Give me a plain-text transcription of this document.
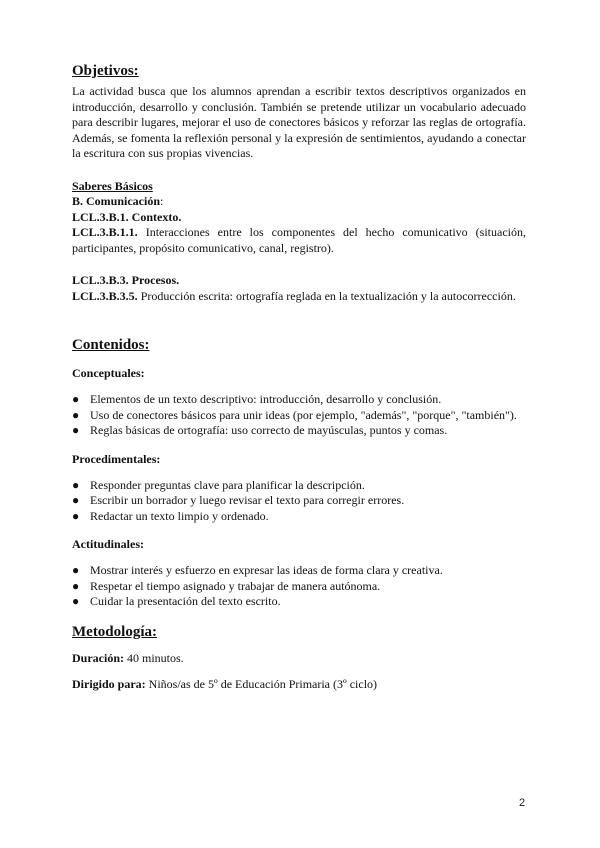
Objetivos:

La actividad busca que los alumnos aprendan a escribir textos descriptivos organizados en introducción, desarrollo y conclusión. También se pretende utilizar un vocabulario adecuado para describir lugares, mejorar el uso de conectores básicos y reforzar las reglas de ortografía. Además, se fomenta la reflexión personal y la expresión de sentimientos, ayudando a conectar la escritura con sus propias vivencias.

Saberes Básicos

B. Comunicación:

LCL.3.B.1. Contexto.

LCL.3.B.1.1. Interacciones entre los componentes del hecho comunicativo (situación, participantes, propósito comunicativo, canal, registro).

LCL.3.B.3. Procesos.

LCL.3.B.3.5. Producción escrita: ortografía reglada en la textualización y la autocorrección.

Contenidos:

Conceptuales:

● Elementos de un texto descriptivo: introducción, desarrollo y conclusión.
● Uso de conectores básicos para unir ideas (por ejemplo, "además", "porque", "también").
● Reglas básicas de ortografía: uso correcto de mayúsculas, puntos y comas.

Procedimentales:

● Responder preguntas clave para planificar la descripción.
● Escribir un borrador y luego revisar el texto para corregir errores.
● Redactar un texto limpio y ordenado.

Actitudinales:

● Mostrar interés y esfuerzo en expresar las ideas de forma clara y creativa.
● Respetar el tiempo asignado y trabajar de manera autónoma.
● Cuidar la presentación del texto escrito.
Metodología:

Duración: 40 minutos.

Dirigido para: Niños/as de 5º de Educación Primaria (3º ciclo)

2
